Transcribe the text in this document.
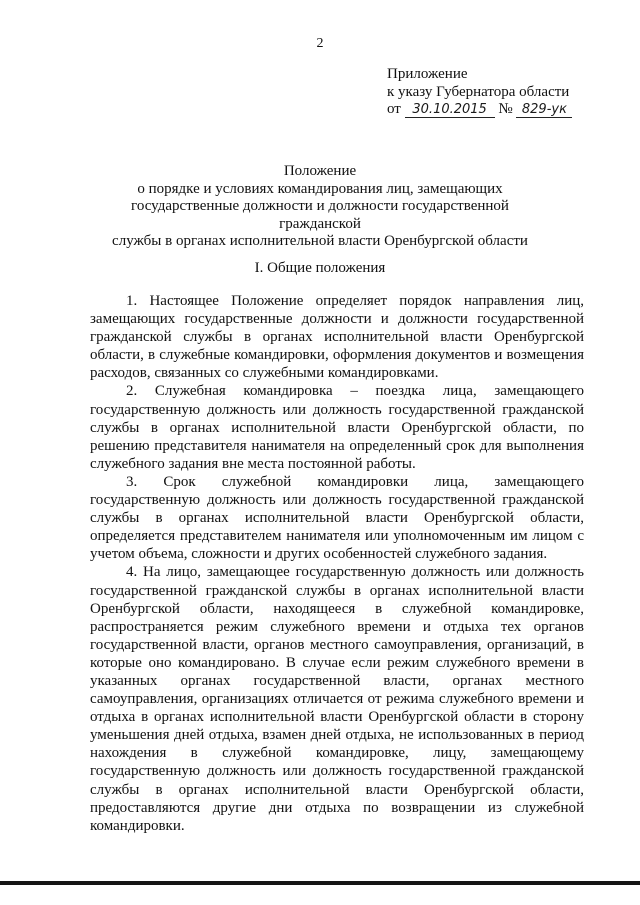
2
Приложение
к указу Губернатора области
от 30.10.2015 № 829-ук
Положение
о порядке и условиях командирования лиц, замещающих
государственные должности и должности государственной гражданской
службы в органах исполнительной власти Оренбургской области
I. Общие положения

1. Настоящее Положение определяет порядок направления лиц, замещающих государственные должности и должности государственной гражданской службы в органах исполнительной власти Оренбургской области, в служебные командировки, оформления документов и возмещения расходов, связанных со служебными командировками.

2. Служебная командировка – поездка лица, замещающего государственную должность или должность государственной гражданской службы в органах исполнительной власти Оренбургской области, по решению представителя нанимателя на определенный срок для выполнения служебного задания вне места постоянной работы.

3. Срок служебной командировки лица, замещающего государственную должность или должность государственной гражданской службы в органах исполнительной власти Оренбургской области, определяется представителем нанимателя или уполномоченным им лицом с учетом объема, сложности и других особенностей служебного задания.

4. На лицо, замещающее государственную должность или должность государственной гражданской службы в органах исполнительной власти Оренбургской области, находящееся в служебной командировке, распространяется режим служебного времени и отдыха тех органов государственной власти, органов местного самоуправления, организаций, в которые оно командировано. В случае если режим служебного времени в указанных органах государственной власти, органах местного самоуправления, организациях отличается от режима служебного времени и отдыха в органах исполнительной власти Оренбургской области в сторону уменьшения дней отдыха, взамен дней отдыха, не использованных в период нахождения в служебной командировке, лицу, замещающему государственную должность или должность государственной гражданской службы в органах исполнительной власти Оренбургской области, предоставляются другие дни отдыха по возвращении из служебной командировки.
